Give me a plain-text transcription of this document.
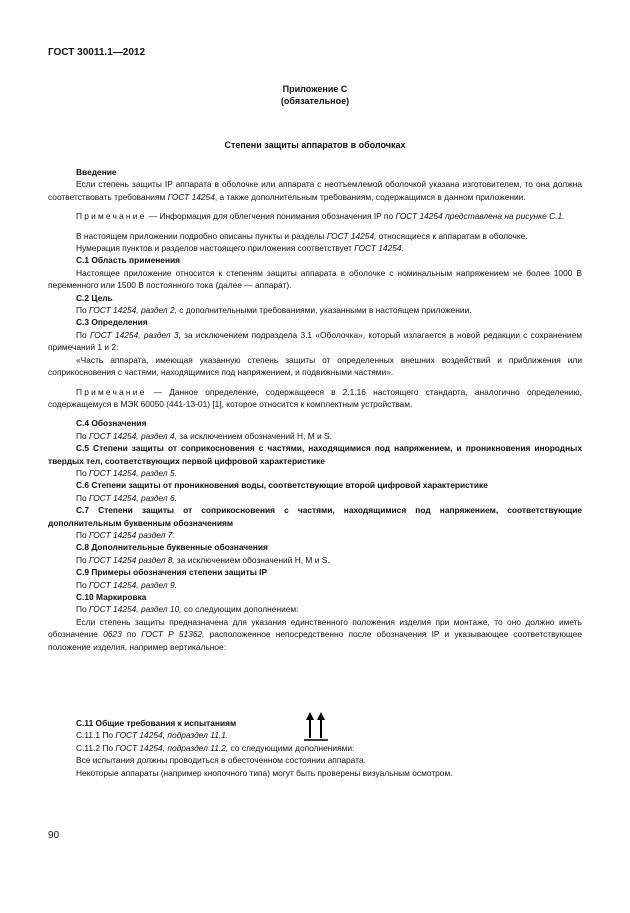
ГОСТ 30011.1—2012
Приложение С
(обязательное)
Степени защиты аппаратов в оболочках

Введение

Если степень защиты IP аппарата в оболочке или аппарата с неотъемлемой оболочкой указана изготовителем, то она должна соответствовать требованиям ГОСТ 14254, а также дополнительным требованиям, содержащимся в данном приложении.

Примечание — Информация для облегчения понимания обозначения IP по ГОСТ 14254 представлена на рисунке С.1.

В настоящем приложении подробно описаны пункты и разделы ГОСТ 14254, относящиеся к аппаратам в оболочке.

Нумерация пунктов и разделов настоящего приложения соответствует ГОСТ 14254.

С.1 Область применения

Настоящее приложение относится к степеням защиты аппарата в оболочке с номинальным напряжением не более 1000 В переменного или 1500 В постоянного тока (далее — аппарат).

С.2 Цель

По ГОСТ 14254, раздел 2, с дополнительными требованиями, указанными в настоящем приложении.

С.3 Определения

По ГОСТ 14254, раздел 3, за исключением подраздела 3.1 «Оболочка», который излагается в новой редакции с сохранением примечаний 1 и 2:

«Часть аппарата, имеющая указанную степень защиты от определенных внешних воздействий и приближения или соприкосновения с частями, находящимися под напряжением, и подвижными частями».

Примечание — Данное определение, содержащееся в 2.1.16 настоящего стандарта, аналогично определению, содержащемуся в МЭК 60050 (441-13-01) [1], которое относится к комплектным устройствам.

С.4 Обозначения

По ГОСТ 14254, раздел 4, за исключением обозначений H, M и S.

С.5 Степени защиты от соприкосновения с частями, находящимися под напряжением, и проникновения инородных твердых тел, соответствующих первой цифровой характеристике

По ГОСТ 14254, раздел 5.

С.6 Степени защиты от проникновения воды, соответствующие второй цифровой характеристике

По ГОСТ 14254, раздел 6.

С.7 Степени защиты от соприкосновения с частями, находящимися под напряжением, соответствующие дополнительным буквенным обозначениям

По ГОСТ 14254 раздел 7.

С.8 Дополнительные буквенные обозначения

По ГОСТ 14254 раздел 8, за исключением обозначений H, M и S.

С.9 Примеры обозначения степени защиты IP

По ГОСТ 14254, раздел 9.

С.10 Маркировка

По ГОСТ 14254, раздел 10, со следующим дополнением:

Если степень защиты предназначена для указания единственного положения изделия при монтаже, то оно должно иметь обозначение 0623 по ГОСТ Р 51362, расположенное непосредственно после обозначения IP и указывающее соответствующее положение изделия, например вертикальное:

С.11 Общие требования к испытаниям

С.11.1 По ГОСТ 14254, подраздел 11.1.

С.11.2 По ГОСТ 14254, подраздел 11.2, со следующими дополнениями:

Все испытания должны проводиться в обесточенном состоянии аппарата.

Некоторые аппараты (например кнопочного типа) могут быть проверены визуальным осмотром.

90
